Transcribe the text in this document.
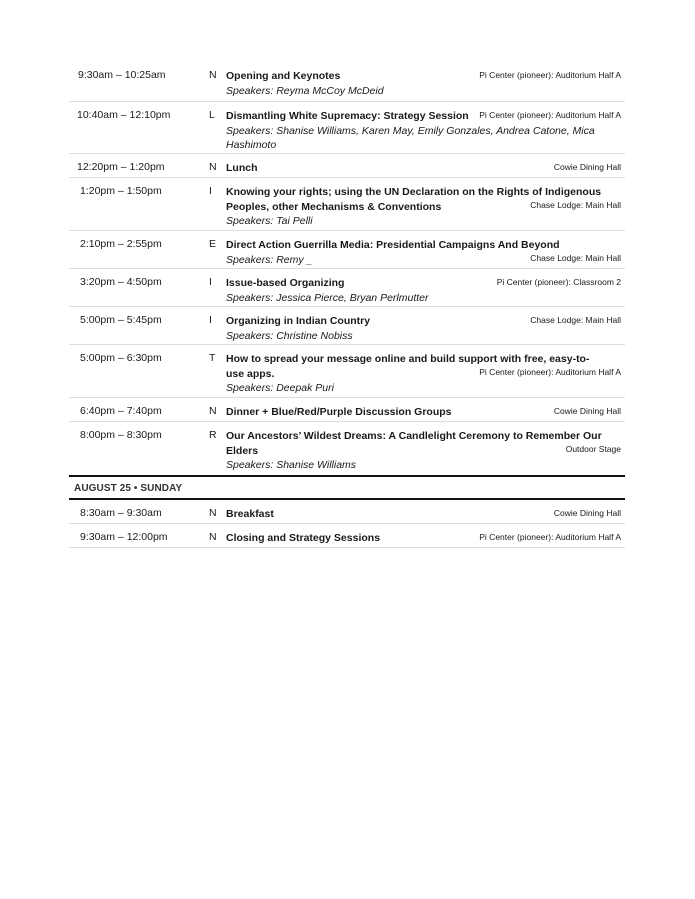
9:30am – 10:25am	N Opening and Keynotes
Speakers: Reyma McCoy McDeid
Pi Center (pioneer): Auditorium Half A
10:40am – 12:10pm	L Dismantling White Supremacy: Strategy Session
Speakers: Shanise Williams, Karen May, Emily Gonzales, Andrea Catone, Mica Hashimoto
Pi Center (pioneer): Auditorium Half A
12:20pm – 1:20pm	N Lunch	Cowie Dining Hall
1:20pm – 1:50pm	I Knowing your rights; using the UN Declaration on the Rights of Indigenous Peoples, other Mechanisms & Conventions
Speakers: Tai Pelli
Chase Lodge: Main Hall
2:10pm – 2:55pm	E Direct Action Guerrilla Media: Presidential Campaigns And Beyond
Speakers: Remy _	Chase Lodge: Main Hall
3:20pm – 4:50pm	I Issue-based Organizing
Speakers: Jessica Pierce, Bryan Perlmutter
Pi Center (pioneer): Classroom 2
5:00pm – 5:45pm	I Organizing in Indian Country
Speakers: Christine Nobiss
Chase Lodge: Main Hall
5:00pm – 6:30pm	T How to spread your message online and build support with free, easy-to-use apps.
Speakers: Deepak Puri
Pi Center (pioneer): Auditorium Half A
6:40pm – 7:40pm	N Dinner + Blue/Red/Purple Discussion Groups	Cowie Dining Hall
8:00pm – 8:30pm	R Our Ancestors’ Wildest Dreams: A Candlelight Ceremony to Remember Our Elders
Speakers: Shanise Williams
Outdoor Stage
AUGUST 25 • SUNDAY
8:30am – 9:30am	N Breakfast	Cowie Dining Hall
9:30am – 12:00pm	N Closing and Strategy Sessions	Pi Center (pioneer): Auditorium Half A
